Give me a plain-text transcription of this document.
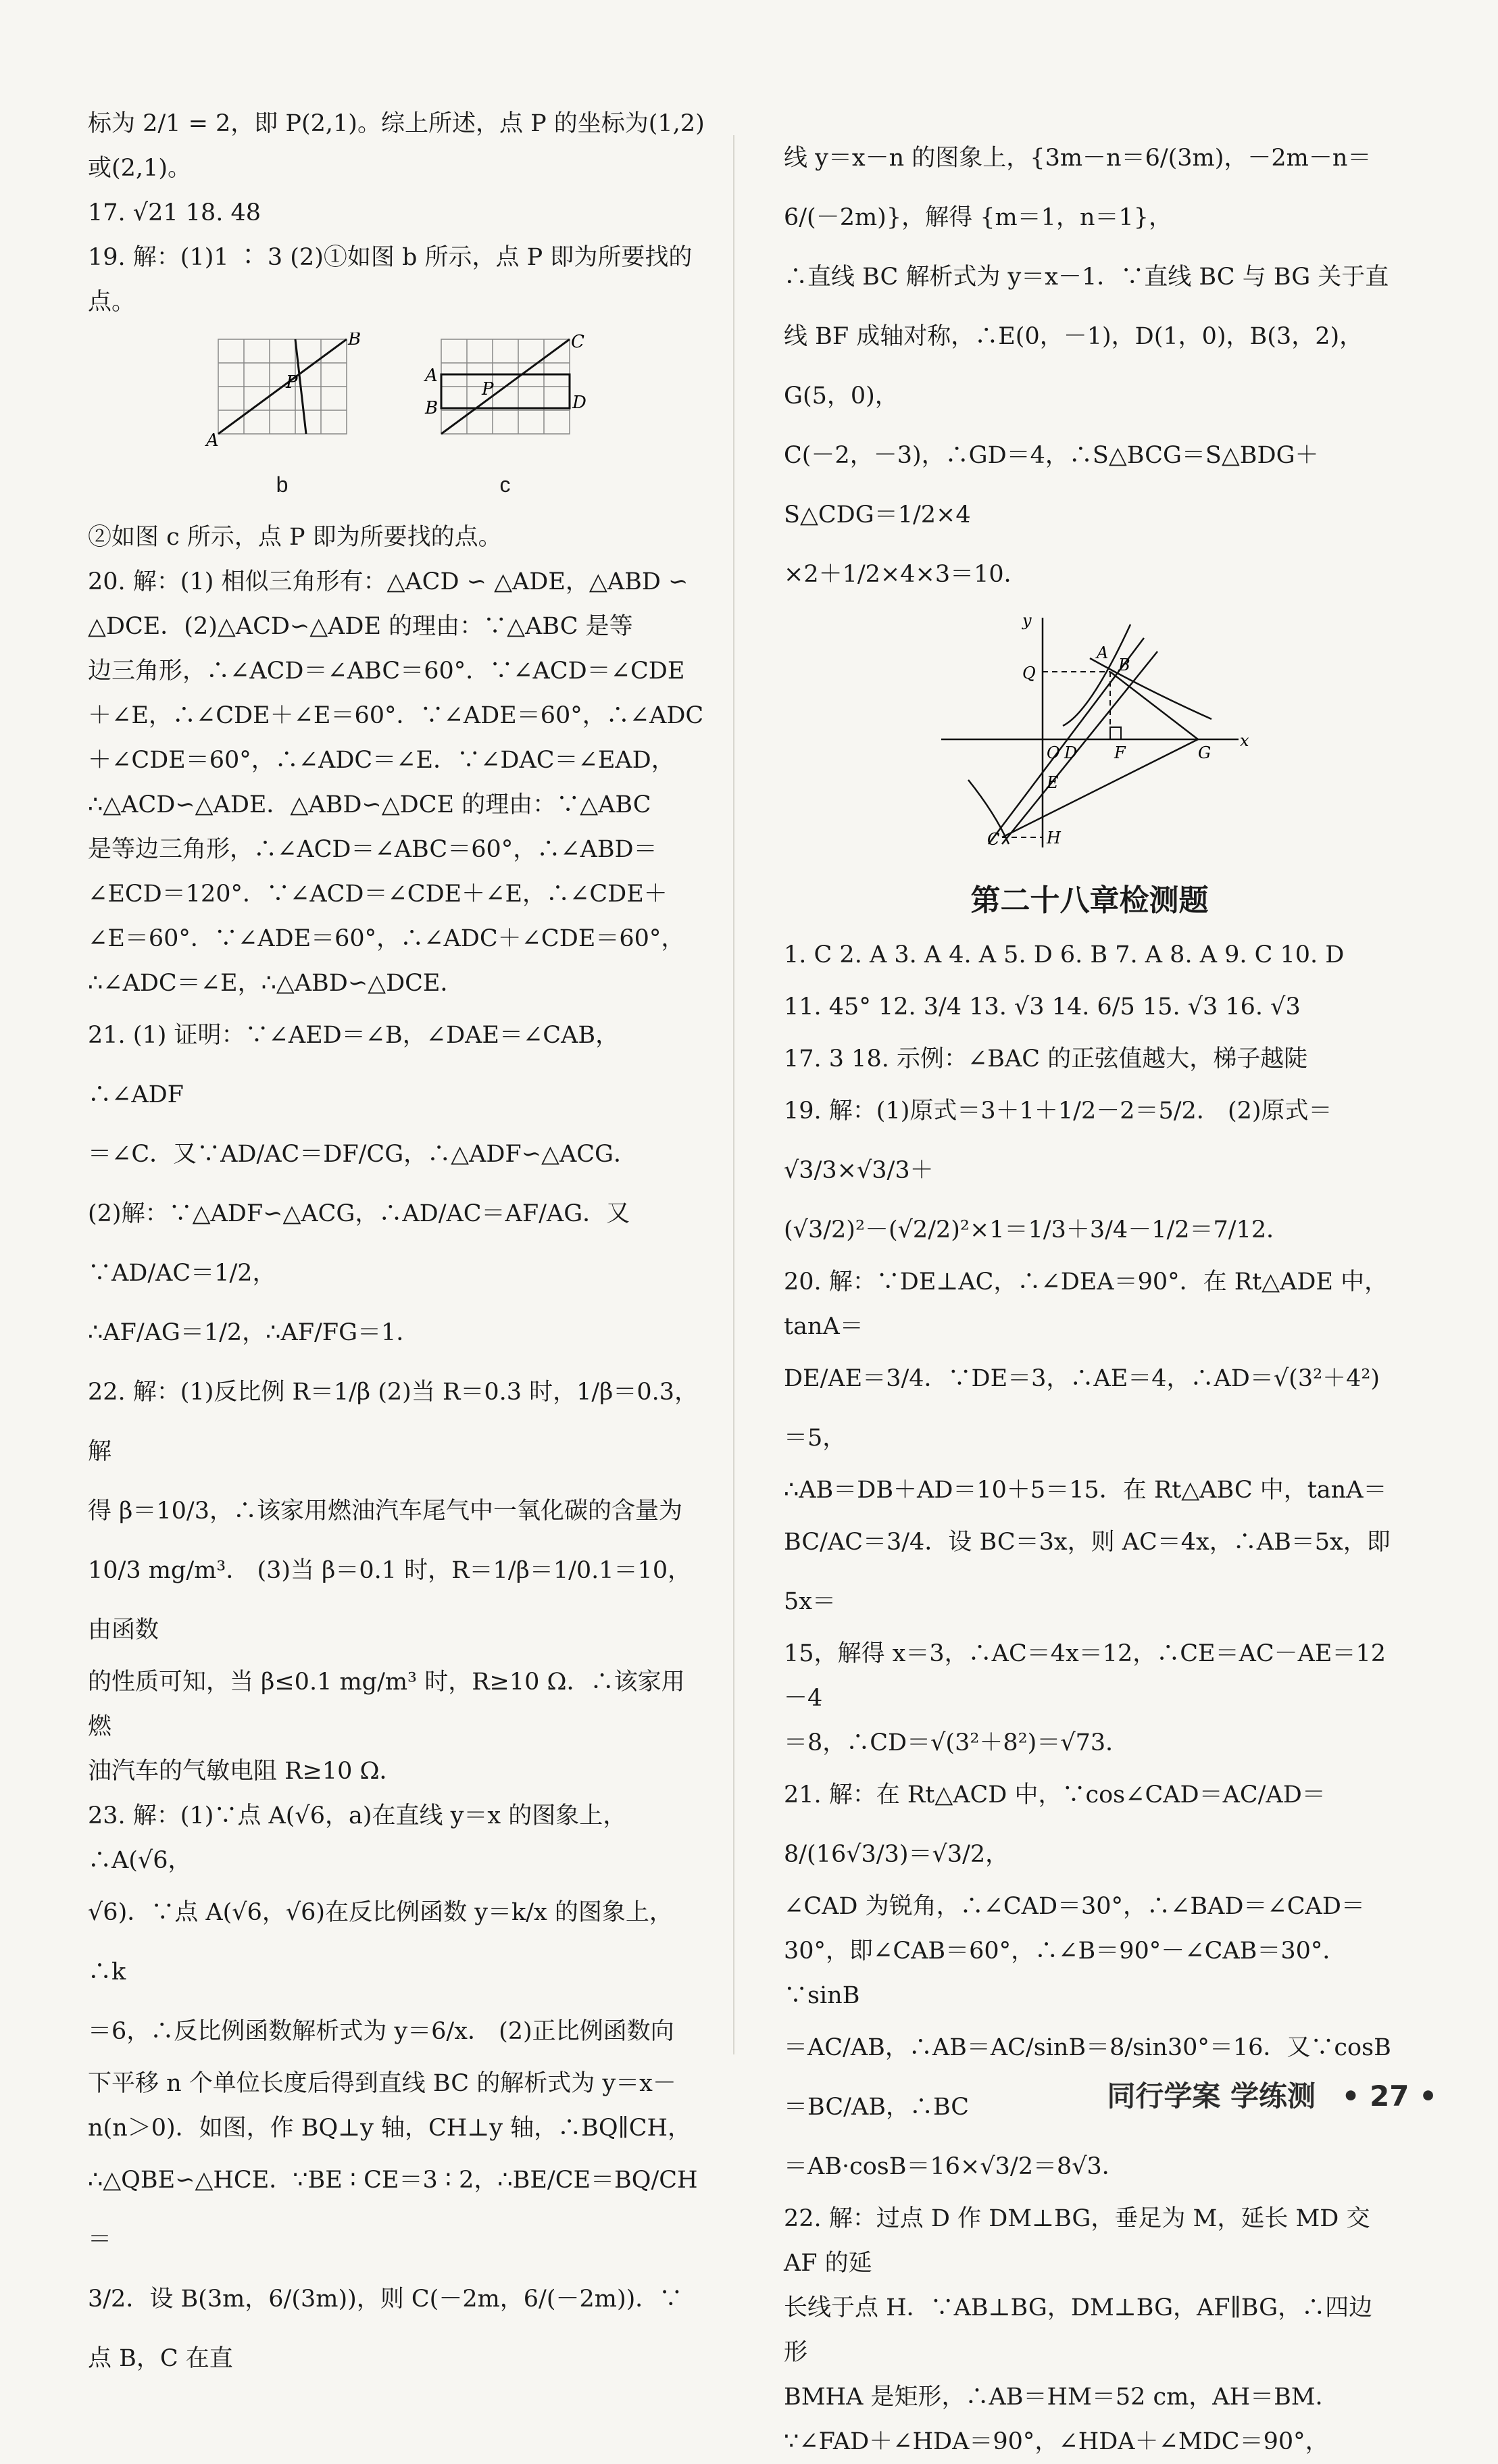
标为 2/1 = 2，即 P(2,1)。综上所述，点 P 的坐标为(1,2)

或(2,1)。

17. √21 18. 48

19. 解：(1)1 ∶ 3 (2)①如图 b 所示，点 P 即为所要找的点。

B
A
P
b
C
D
A
B
P
c

②如图 c 所示，点 P 即为所要找的点。

20. 解：(1) 相似三角形有：△ACD ∽ △ADE，△ABD ∽

△DCE．(2)△ACD∽△ADE 的理由：∵△ABC 是等

边三角形，∴∠ACD＝∠ABC＝60°．∵∠ACD＝∠CDE

＋∠E，∴∠CDE＋∠E＝60°．∵∠ADE＝60°，∴∠ADC

＋∠CDE＝60°，∴∠ADC＝∠E．∵∠DAC＝∠EAD，

∴△ACD∽△ADE．△ABD∽△DCE 的理由：∵△ABC

是等边三角形，∴∠ACD＝∠ABC＝60°，∴∠ABD＝

∠ECD＝120°．∵∠ACD＝∠CDE＋∠E，∴∠CDE＋

∠E＝60°．∵∠ADE＝60°，∴∠ADC＋∠CDE＝60°，

∴∠ADC＝∠E，∴△ABD∽△DCE．

21. (1) 证明：∵∠AED＝∠B，∠DAE＝∠CAB，∴∠ADF

＝∠C．又∵AD/AC＝DF/CG，∴△ADF∽△ACG．

(2)解：∵△ADF∽△ACG，∴AD/AC＝AF/AG．又∵AD/AC＝1/2，

∴AF/AG＝1/2，∴AF/FG＝1．

22. 解：(1)反比例 R＝1/β (2)当 R＝0.3 时，1/β＝0.3，解

得 β＝10/3，∴该家用燃油汽车尾气中一氧化碳的含量为

10/3 mg/m³． (3)当 β＝0.1 时，R＝1/β＝1/0.1＝10，由函数

的性质可知，当 β≤0.1 mg/m³ 时，R≥10 Ω．∴该家用燃

油汽车的气敏电阻 R≥10 Ω．

23. 解：(1)∵点 A(√6，a)在直线 y＝x 的图象上，∴A(√6，

√6)．∵点 A(√6，√6)在反比例函数 y＝k/x 的图象上，∴k

＝6，∴反比例函数解析式为 y＝6/x． (2)正比例函数向

下平移 n 个单位长度后得到直线 BC 的解析式为 y＝x－

n(n＞0)．如图，作 BQ⊥y 轴，CH⊥y 轴，∴BQ∥CH，

∴△QBE∽△HCE．∵BE ∶ CE＝3 ∶ 2，∴BE/CE＝BQ/CH＝

3/2．设 B(3m，6/(3m))，则 C(－2m，6/(－2m))．∵点 B，C 在直

线 y＝x－n 的图象上，{3m－n＝6/(3m)，－2m－n＝6/(－2m)}，解得 {m＝1，n＝1}，

∴直线 BC 解析式为 y＝x－1．∵直线 BC 与 BG 关于直

线 BF 成轴对称，∴E(0，－1)，D(1，0)，B(3，2)，G(5，0)，

C(－2，－3)，∴GD＝4，∴S△BCG＝S△BDG＋S△CDG＝1/2×4

×2＋1/2×4×3＝10．

y
x
O D
A
B
Q
F	G
E
C	H
第二十八章检测题

1. C 2. A 3. A 4. A 5. D 6. B 7. A 8. A 9. C 10. D

11. 45° 12. 3/4 13. √3 14. 6/5 15. √3 16. √3

17. 3 18. 示例：∠BAC 的正弦值越大，梯子越陡

19. 解：(1)原式＝3＋1＋1/2－2＝5/2． (2)原式＝√3/3×√3/3＋

(√3/2)²－(√2/2)²×1＝1/3＋3/4－1/2＝7/12．

20. 解：∵DE⊥AC，∴∠DEA＝90°．在 Rt△ADE 中，tanA＝

DE/AE＝3/4．∵DE＝3，∴AE＝4，∴AD＝√(3²＋4²)＝5，

∴AB＝DB＋AD＝10＋5＝15．在 Rt△ABC 中，tanA＝

BC/AC＝3/4．设 BC＝3x，则 AC＝4x，∴AB＝5x，即 5x＝

15，解得 x＝3，∴AC＝4x＝12，∴CE＝AC－AE＝12－4

＝8，∴CD＝√(3²＋8²)＝√73．

21. 解：在 Rt△ACD 中，∵cos∠CAD＝AC/AD＝8/(16√3/3)＝√3/2，

∠CAD 为锐角，∴∠CAD＝30°，∴∠BAD＝∠CAD＝

30°，即∠CAB＝60°，∴∠B＝90°－∠CAB＝30°．∵sinB

＝AC/AB，∴AB＝AC/sinB＝8/sin30°＝16．又∵cosB＝BC/AB，∴BC

＝AB·cosB＝16×√3/2＝8√3．

22. 解：过点 D 作 DM⊥BG，垂足为 M，延长 MD 交 AF 的延

长线于点 H．∵AB⊥BG，DM⊥BG，AF∥BG，∴四边形

BMHA 是矩形，∴AB＝HM＝52 cm，AH＝BM．

∵∠FAD＋∠HDA＝90°，∠HDA＋∠MDC＝90°，

同行学案 学练测 • 27 •
